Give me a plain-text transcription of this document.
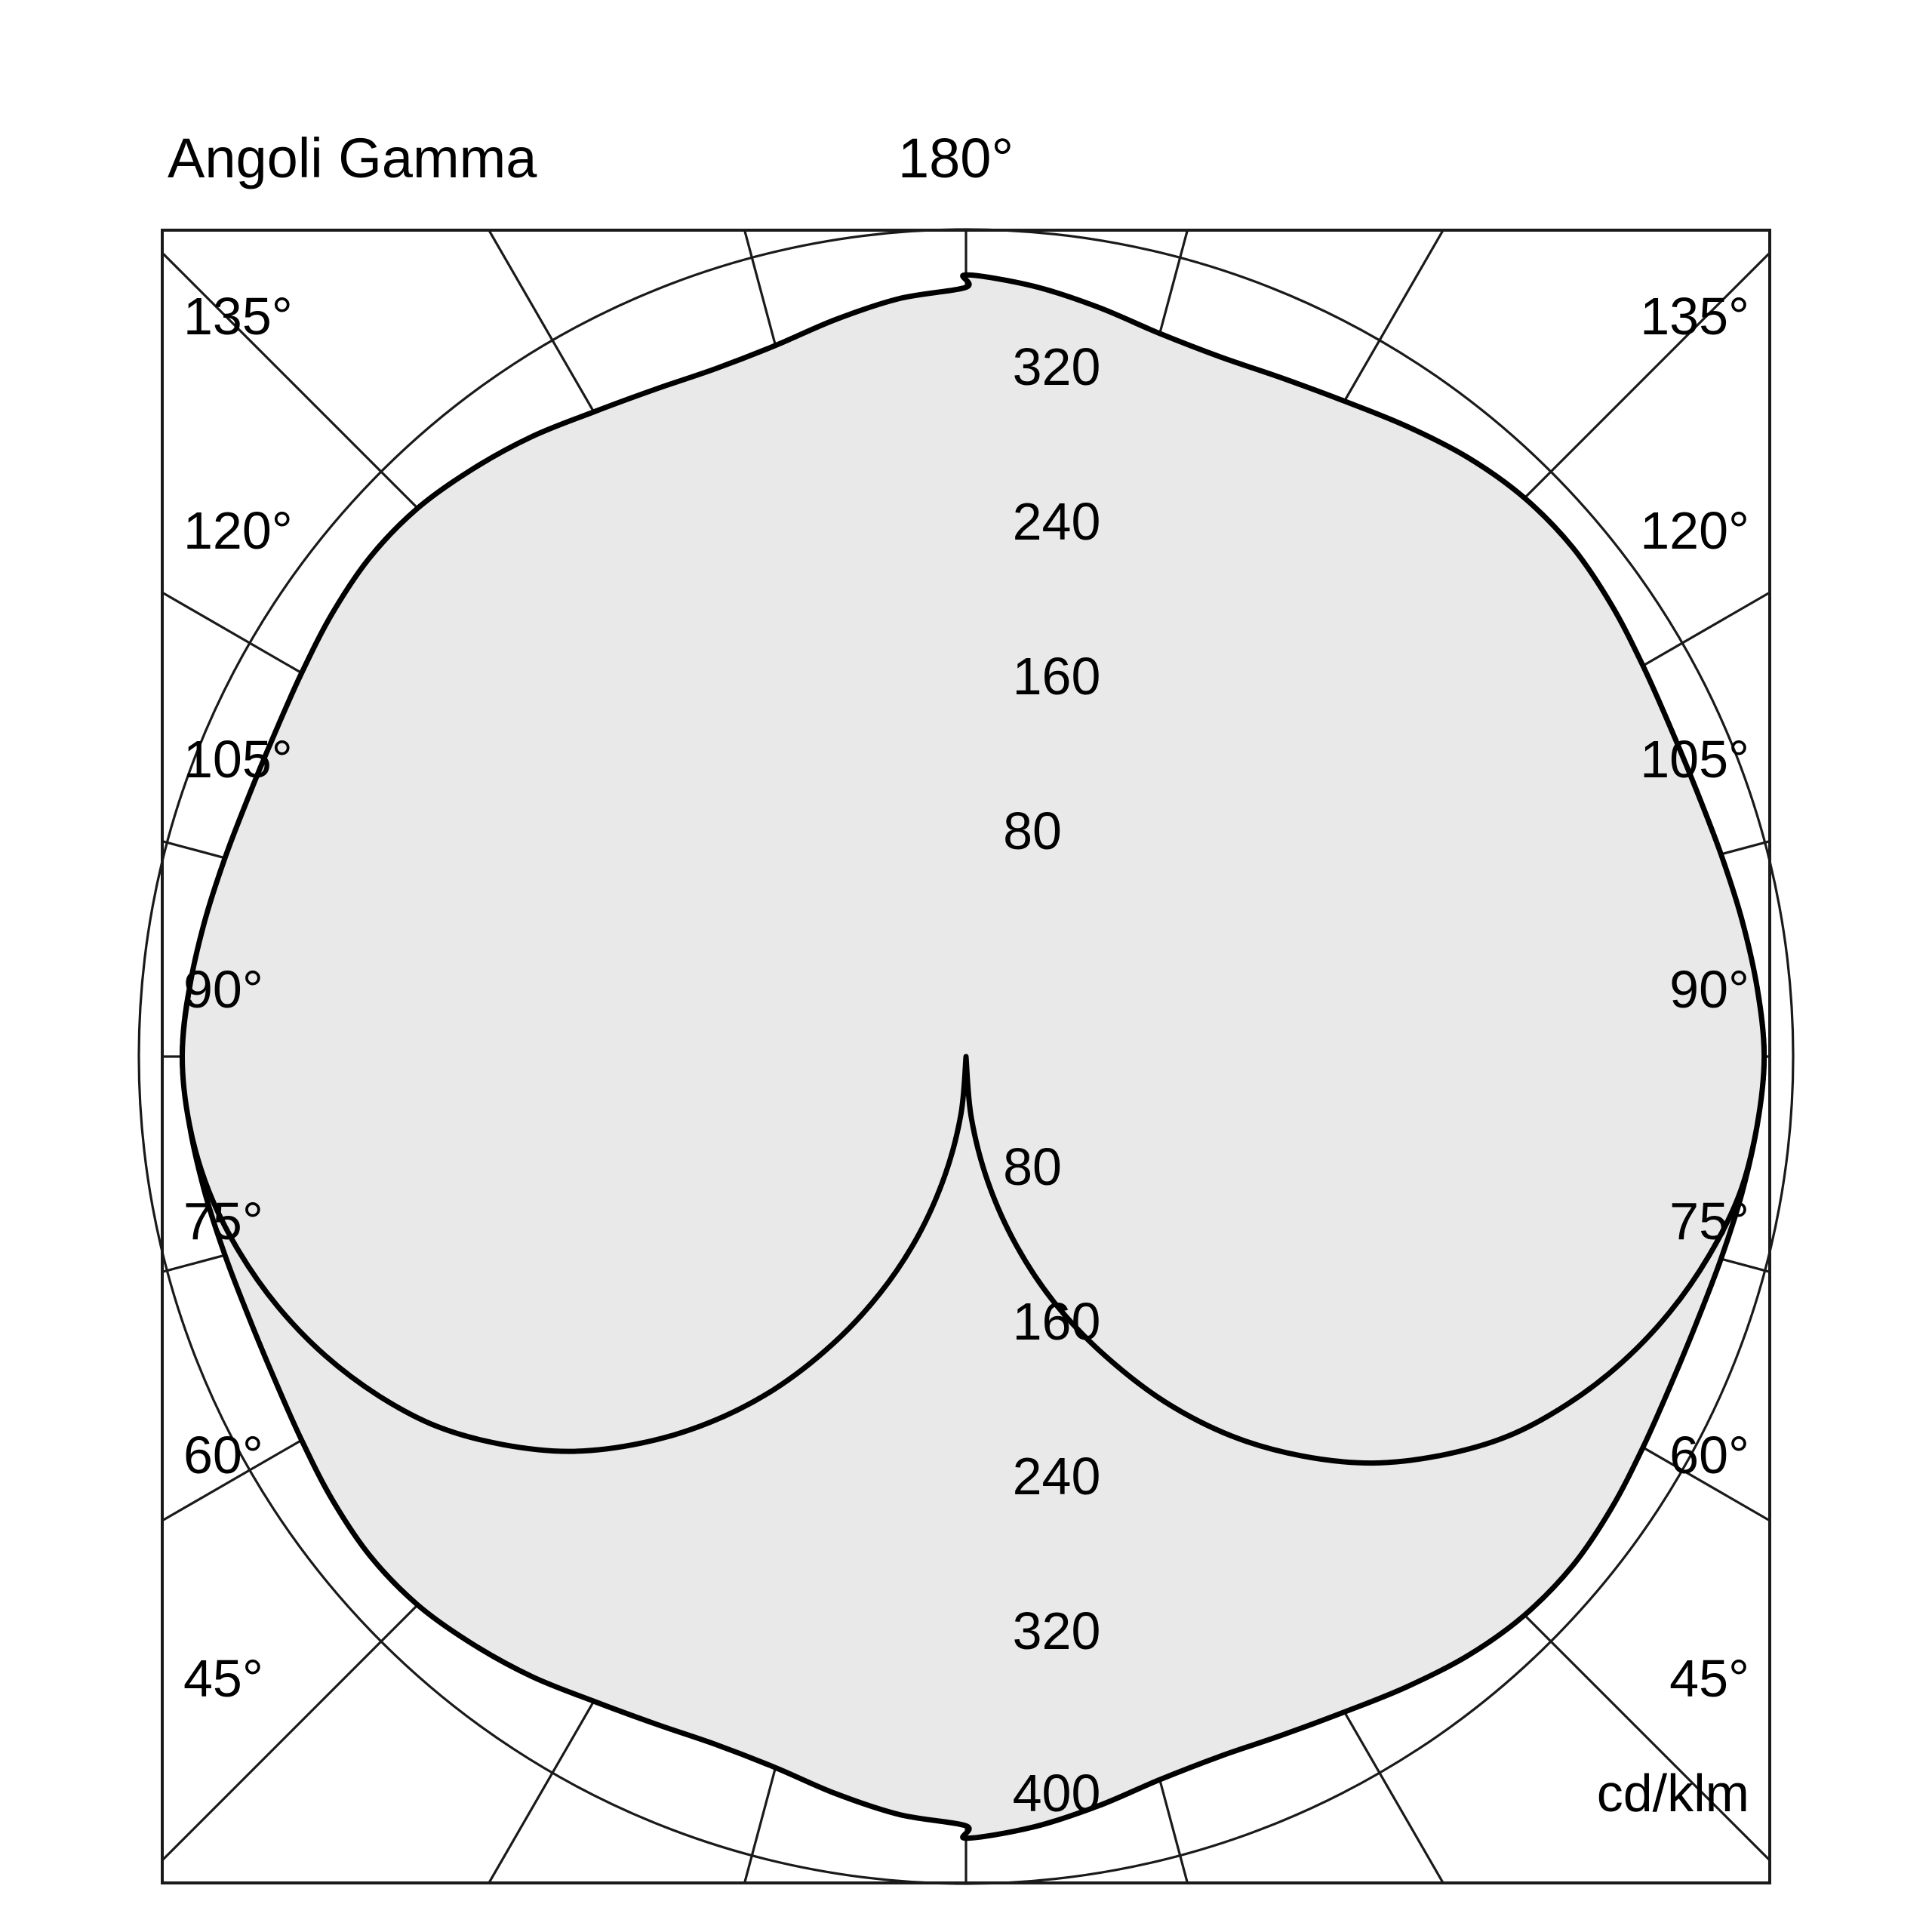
Angoli Gamma	180°
135°
120°
105°
90°
75°
60°
45°
135°
120°
105°
90°
75°
60°
45°
320
240
160
80
80
160
240
320
400	cd/klm
